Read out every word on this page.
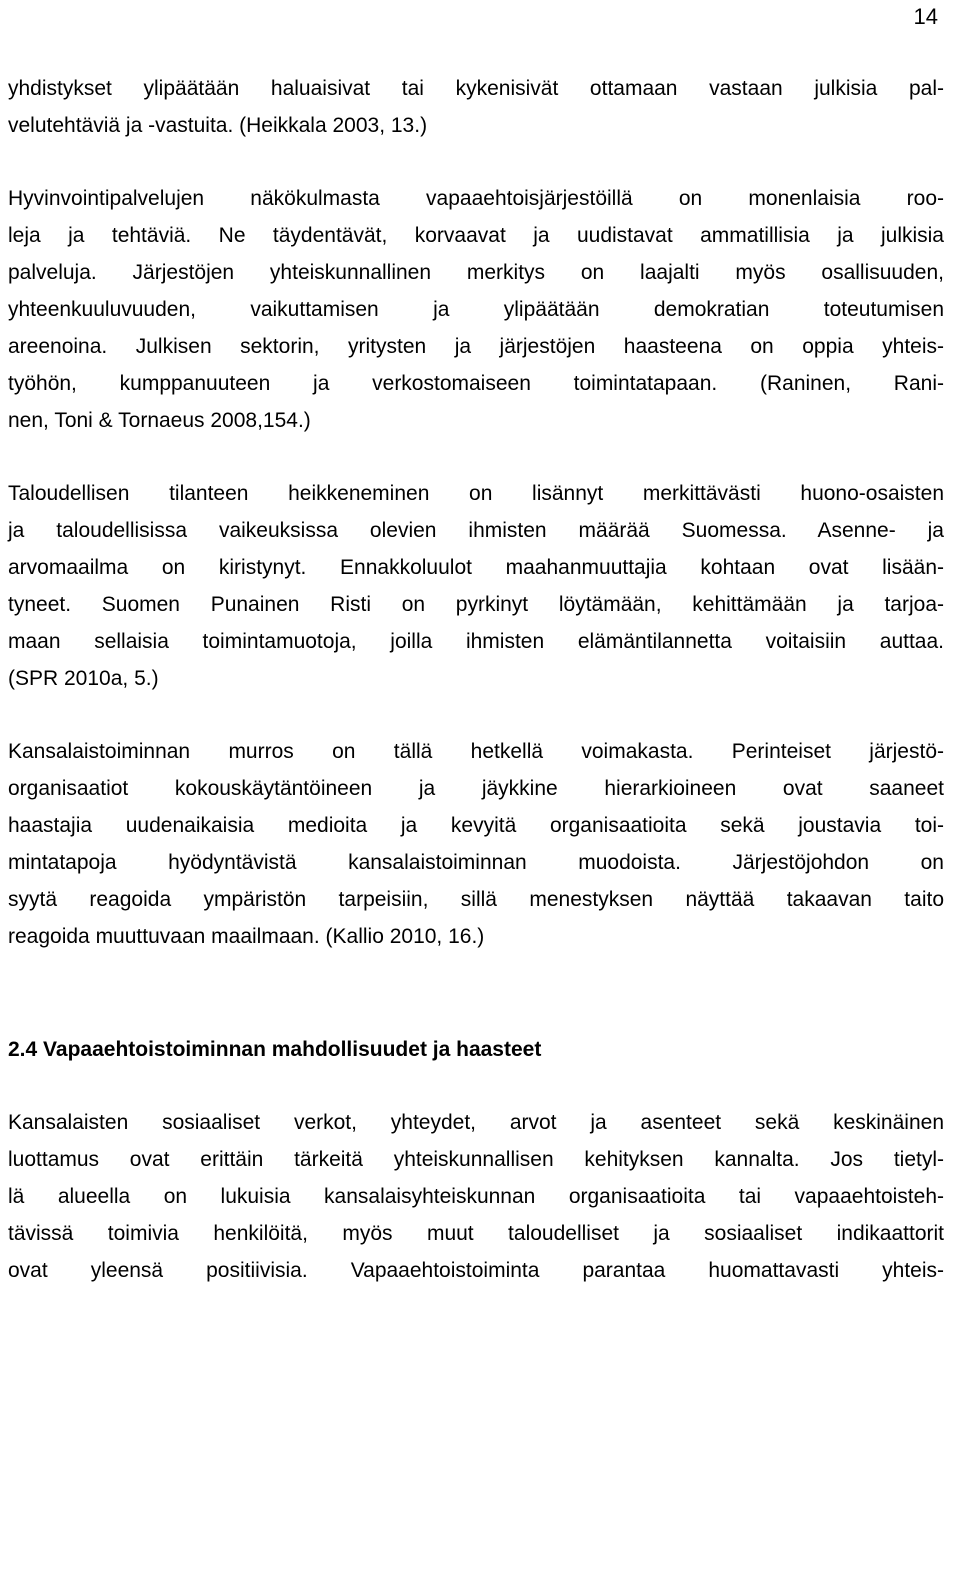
14

yhdistykset ylipäätään haluaisivat tai kykenisivät ottamaan vastaan julkisia pal-
velutehtäviä ja -vastuita. (Heikkala 2003, 13.)

Hyvinvointipalvelujen näkökulmasta vapaaehtoisjärjestöillä on monenlaisia roo-
leja ja tehtäviä. Ne täydentävät, korvaavat ja uudistavat ammatillisia ja julkisia
palveluja. Järjestöjen yhteiskunnallinen merkitys on laajalti myös osallisuuden,
yhteenkuuluvuuden, vaikuttamisen ja ylipäätään demokratian toteutumisen
areenoina. Julkisen sektorin, yritysten ja järjestöjen haasteena on oppia yhteis-
työhön, kumppanuuteen ja verkostomaiseen toimintatapaan. (Raninen, Rani-
nen, Toni & Tornaeus 2008,154.)

Taloudellisen tilanteen heikkeneminen on lisännyt merkittävästi huono-osaisten
ja taloudellisissa vaikeuksissa olevien ihmisten määrää Suomessa. Asenne- ja
arvomaailma on kiristynyt. Ennakkoluulot maahanmuuttajia kohtaan ovat lisään-
tyneet. Suomen Punainen Risti on pyrkinyt löytämään, kehittämään ja tarjoa-
maan sellaisia toimintamuotoja, joilla ihmisten elämäntilannetta voitaisiin auttaa.
(SPR 2010a, 5.)

Kansalaistoiminnan murros on tällä hetkellä voimakasta. Perinteiset järjestö-
organisaatiot kokouskäytäntöineen ja jäykkine hierarkioineen ovat saaneet
haastajia uudenaikaisia medioita ja kevyitä organisaatioita sekä joustavia toi-
mintatapoja hyödyntävistä kansalaistoiminnan muodoista. Järjestöjohdon on
syytä reagoida ympäristön tarpeisiin, sillä menestyksen näyttää takaavan taito
reagoida muuttuvaan maailmaan. (Kallio 2010, 16.)

2.4 Vapaaehtoistoiminnan mahdollisuudet ja haasteet

Kansalaisten sosiaaliset verkot, yhteydet, arvot ja asenteet sekä keskinäinen
luottamus ovat erittäin tärkeitä yhteiskunnallisen kehityksen kannalta. Jos tietyl-
lä alueella on lukuisia kansalaisyhteiskunnan organisaatioita tai vapaaehtoisteh-
tävissä toimivia henkilöitä, myös muut taloudelliset ja sosiaaliset indikaattorit
ovat yleensä positiivisia. Vapaaehtoistoiminta parantaa huomattavasti yhteis-
